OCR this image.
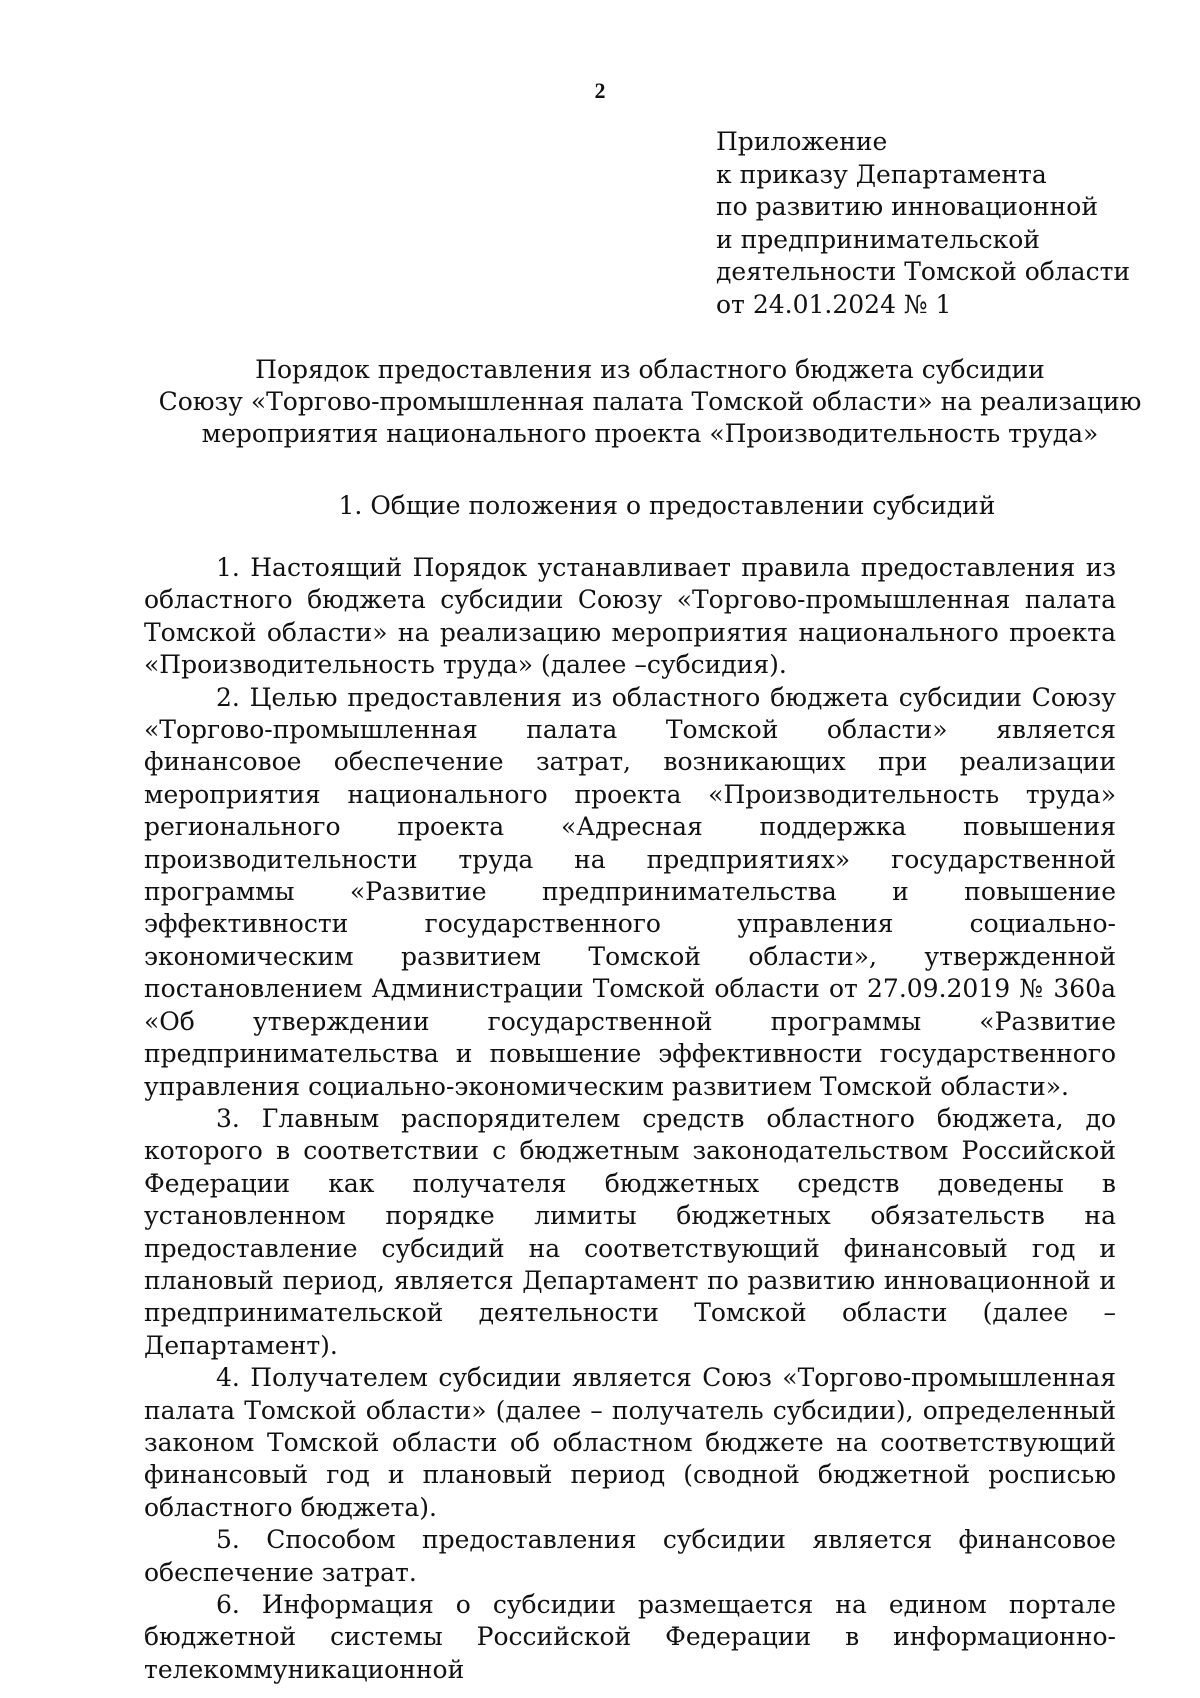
2
Приложение
к приказу Департамента
по развитию инновационной
и предпринимательской
деятельности Томской области
от 24.01.2024 № 1
Порядок предоставления из областного бюджета субсидии
Союзу «Торгово-промышленная палата Томской области» на реализацию
мероприятия национального проекта «Производительность труда»
1. Общие положения о предоставлении субсидий

1. Настоящий Порядок устанавливает правила предоставления из областного бюджета субсидии Союзу «Торгово-промышленная палата Томской области» на реализацию мероприятия национального проекта «Производительность труда» (далее –субсидия).

2. Целью предоставления из областного бюджета субсидии Союзу «Торгово-промышленная палата Томской области» является финансовое обеспечение затрат, возникающих при реализации мероприятия национального проекта «Производительность труда» регионального проекта «Адресная поддержка повышения производительности труда на предприятиях» государственной программы «Развитие предпринимательства и повышение эффективности государственного управления социально-экономическим развитием Томской области», утвержденной постановлением Администрации Томской области от 27.09.2019 № 360а «Об утверждении государственной программы «Развитие предпринимательства и повышение эффективности государственного управления социально-экономическим развитием Томской области».

3. Главным распорядителем средств областного бюджета, до которого в соответствии с бюджетным законодательством Российской Федерации как получателя бюджетных средств доведены в установленном порядке лимиты бюджетных обязательств на предоставление субсидий на соответствующий финансовый год и плановый период, является Департамент по развитию инновационной и предпринимательской деятельности Томской области (далее – Департамент).

4. Получателем субсидии является Союз «Торгово-промышленная палата Томской области» (далее – получатель субсидии), определенный законом Томской области об областном бюджете на соответствующий финансовый год и плановый период (сводной бюджетной росписью областного бюджета).

5. Способом предоставления субсидии является финансовое обеспечение затрат.

6. Информация о субсидии размещается на едином портале бюджетной системы Российской Федерации в информационно-телекоммуникационной
